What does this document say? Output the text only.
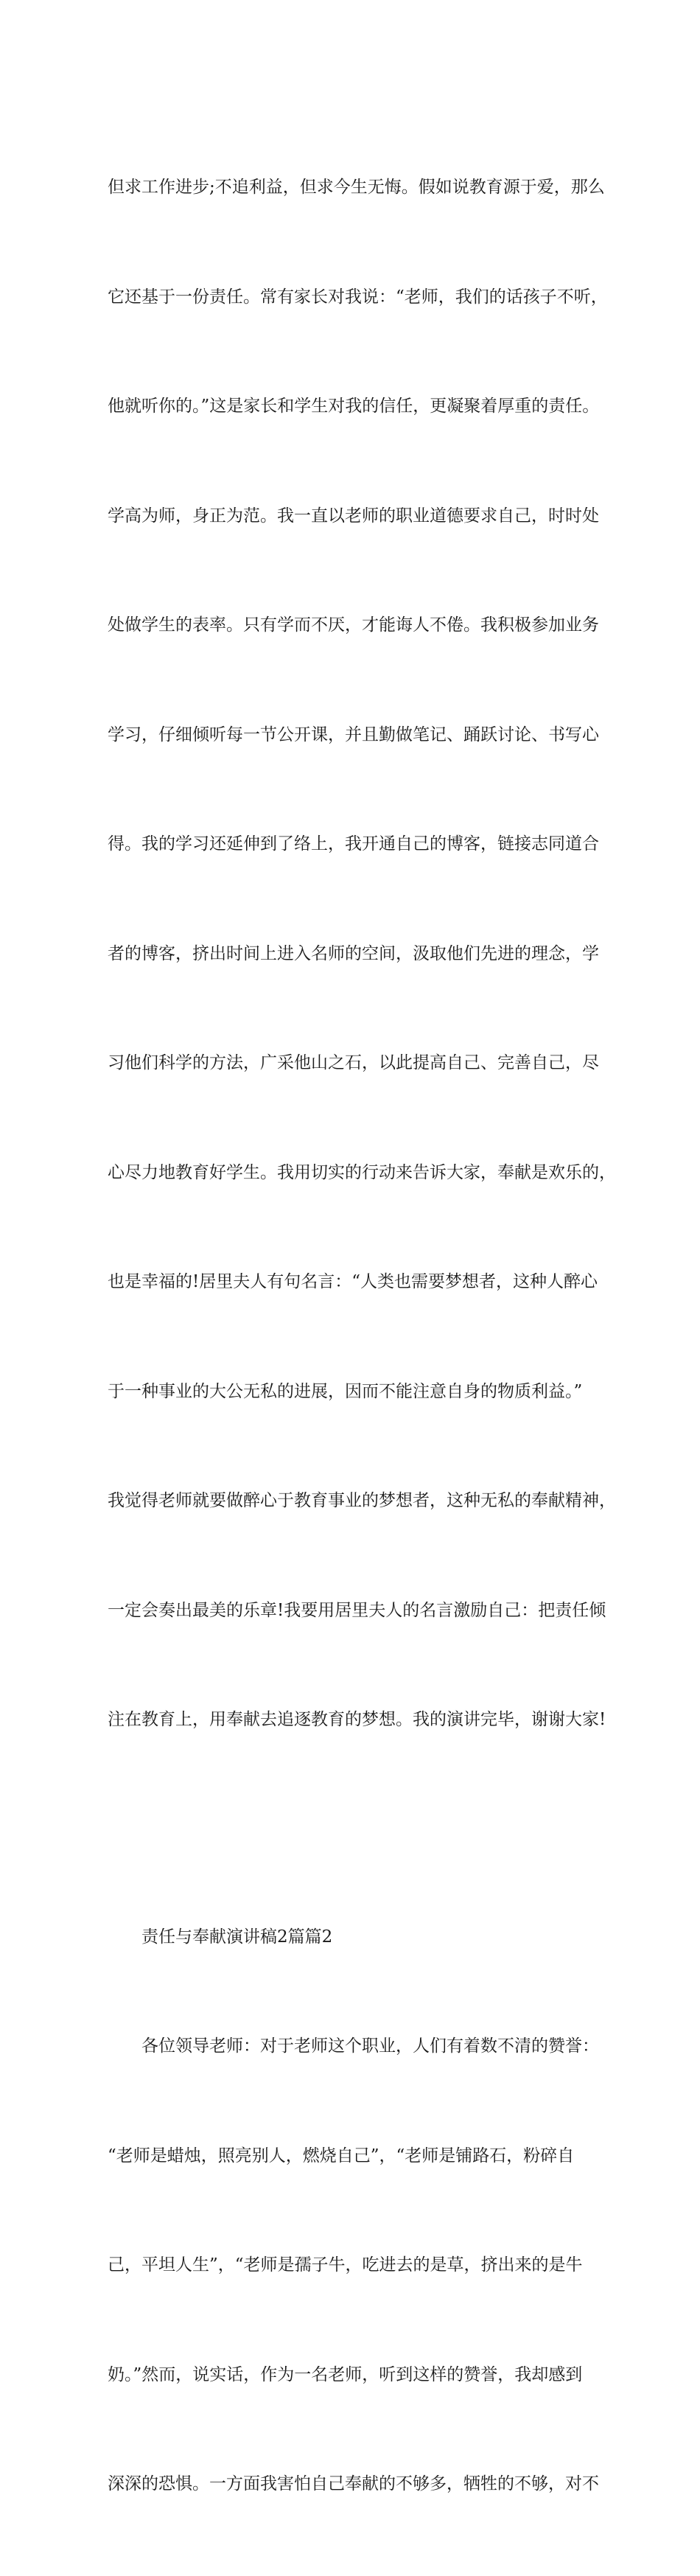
但求工作进步;不追利益，但求今生无悔。假如说教育源于爱，那么

它还基于一份责任。常有家长对我说：“老师，我们的话孩子不听，

他就听你的。”这是家长和学生对我的信任，更凝聚着厚重的责任。

学高为师，身正为范。我一直以老师的职业道德要求自己，时时处

处做学生的表率。只有学而不厌，才能诲人不倦。我积极参加业务

学习，仔细倾听每一节公开课，并且勤做笔记、踊跃讨论、书写心

得。我的学习还延伸到了络上，我开通自己的博客，链接志同道合

者的博客，挤出时间上进入名师的空间，汲取他们先进的理念，学

习他们科学的方法，广采他山之石，以此提高自己、完善自己，尽

心尽力地教育好学生。我用切实的行动来告诉大家，奉献是欢乐的，

也是幸福的!居里夫人有句名言：“人类也需要梦想者，这种人醉心

于一种事业的大公无私的进展，因而不能注意自身的物质利益。”

我觉得老师就要做醉心于教育事业的梦想者，这种无私的奉献精神，

一定会奏出最美的乐章!我要用居里夫人的名言激励自己：把责任倾

注在教育上，用奉献去追逐教育的梦想。我的演讲完毕，谢谢大家!

责任与奉献演讲稿2篇篇2

各位领导老师：对于老师这个职业，人们有着数不清的赞誉：

“老师是蜡烛，照亮别人，燃烧自己”，“老师是铺路石，粉碎自

己，平坦人生”，“老师是孺子牛，吃进去的是草，挤出来的是牛

奶。”然而，说实话，作为一名老师，听到这样的赞誉，我却感到

深深的恐惧。一方面我害怕自己奉献的不够多，牺牲的不够，对不
